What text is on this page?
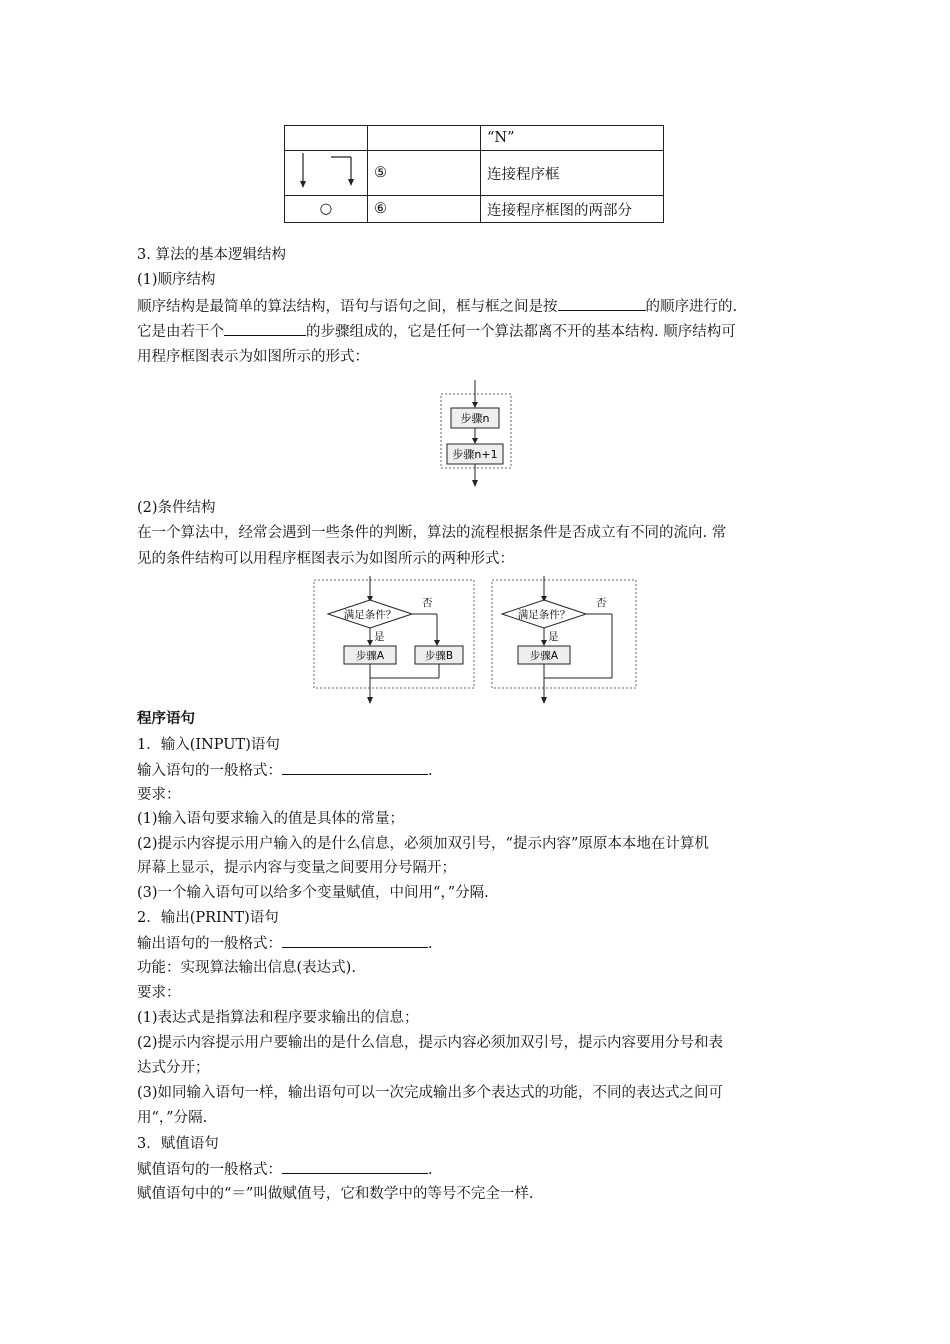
		“N”
	⑤	连接程序框
○	⑥	连接程序框图的两部分
3. 算法的基本逻辑结构
(1)顺序结构
顺序结构是最简单的算法结构，语句与语句之间，框与框之间是按	的顺序进行的.
它是由若干个	的步骤组成的，它是任何一个算法都离不开的基本结构. 顺序结构可
用程序框图表示为如图所示的形式：
步骤n
步骤n+1
(2)条件结构
在一个算法中，经常会遇到一些条件的判断，算法的流程根据条件是否成立有不同的流向. 常
见的条件结构可以用程序框图表示为如图所示的两种形式：
满足条件？
否
是
步骤A	步骤B
满足条件？
否
是
步骤A
程序语句
1．输入(INPUT)语句
输入语句的一般格式：	.
要求：
(1)输入语句要求输入的值是具体的常量；
(2)提示内容提示用户输入的是什么信息，必须加双引号，“提示内容”原原本本地在计算机
屏幕上显示，提示内容与变量之间要用分号隔开；
(3)一个输入语句可以给多个变量赋值，中间用“，”分隔.
2．输出(PRINT)语句
输出语句的一般格式：	.
功能：实现算法输出信息(表达式).
要求：
(1)表达式是指算法和程序要求输出的信息；
(2)提示内容提示用户要输出的是什么信息，提示内容必须加双引号，提示内容要用分号和表
达式分开；
(3)如同输入语句一样，输出语句可以一次完成输出多个表达式的功能，不同的表达式之间可
用“，”分隔.
3．赋值语句
赋值语句的一般格式：	.
赋值语句中的“＝”叫做赋值号，它和数学中的等号不完全一样.
